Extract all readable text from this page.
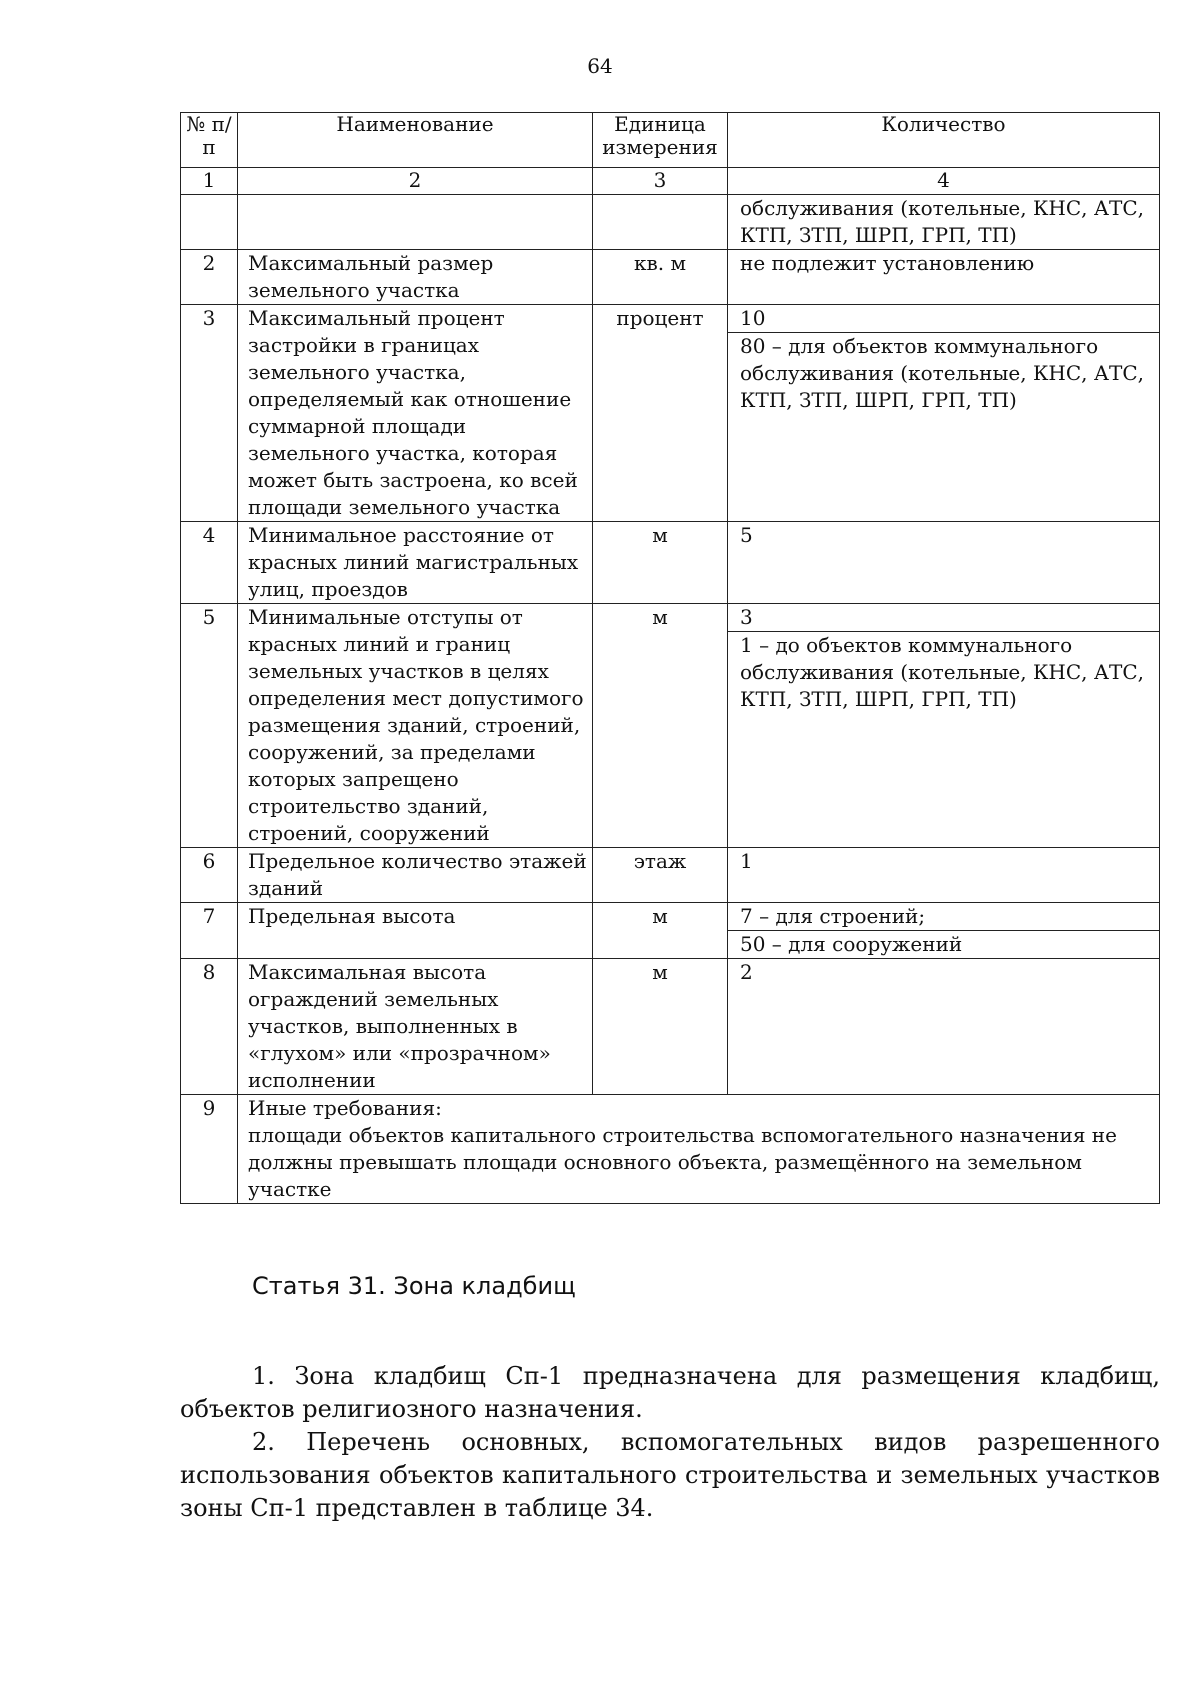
64
№ п/п	Наименование	Единица измерения	Количество
1	2	3	4
			обслуживания (котельные, КНС, АТС, КТП, ЗТП, ШРП, ГРП, ТП)
2	Максимальный размер земельного участка	кв. м	не подлежит установлению
3	Максимальный процент застройки в границах земельного участка, определяемый как отношение суммарной площади земельного участка, которая может быть застроена, ко всей площади земельного участка	процент	10
80 – для объектов коммунального обслуживания (котельные, КНС, АТС, КТП, ЗТП, ШРП, ГРП, ТП)

4	Минимальное расстояние от красных линий магистральных улиц, проездов	м	5
5	Минимальные отступы от красных линий и границ земельных участков в целях определения мест допустимого размещения зданий, строений, сооружений, за пределами которых запрещено строительство зданий, строений, сооружений	м	3
1 – до объектов коммунального обслуживания (котельные, КНС, АТС, КТП, ЗТП, ШРП, ГРП, ТП)

6	Предельное количество этажей зданий	этаж	1
7	Предельная высота	м	7 – для строений;
50 – для сооружений

8	Максимальная высота ограждений земельных участков, выполненных в «глухом» или «прозрачном» исполнении	м	2
9	Иные требования:
площади объектов капитального строительства вспомогательного назначения не должны превышать площади основного объекта, размещённого на земельном участке		
Статья 31. Зона кладбищ

1. Зона кладбищ Сп-1 предназначена для размещения кладбищ, объектов религиозного назначения.

2. Перечень основных, вспомогательных видов разрешенного использования объектов капитального строительства и земельных участков зоны Сп-1 представлен в таблице 34.
